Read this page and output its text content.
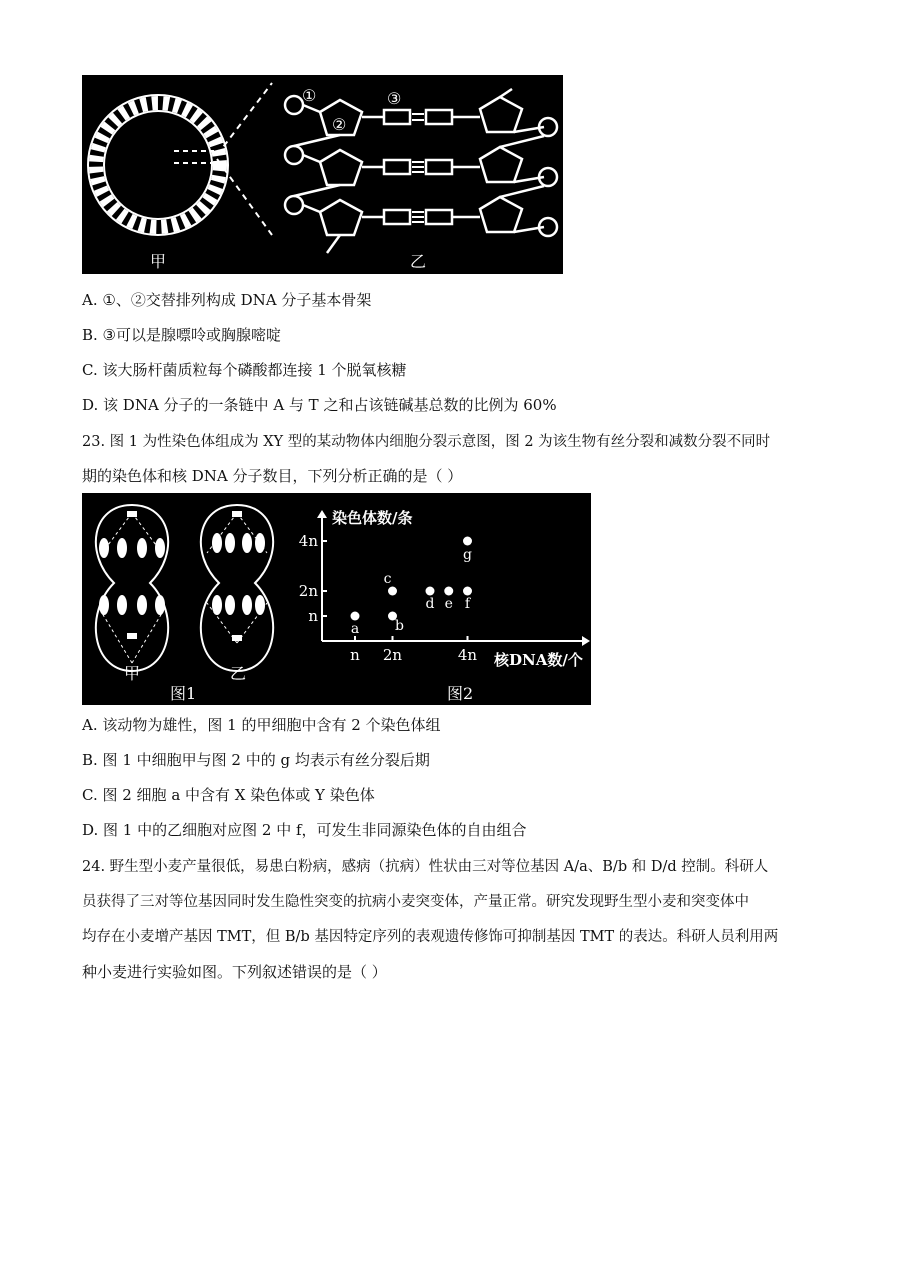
①
②
③
甲	乙
A. ①、②交替排列构成 DNA 分子基本骨架
B. ③可以是腺嘌呤或胸腺嘧啶
C. 该大肠杆菌质粒每个磷酸都连接 1 个脱氧核糖
D. 该 DNA 分子的一条链中 A 与 T 之和占该链碱基总数的比例为 60%
23. 图 1 为性染色体组成为 XY 型的某动物体内细胞分裂示意图，图 2 为该生物有丝分裂和减数分裂不同时
期的染色体和核 DNA 分子数目，下列分析正确的是（ ）
甲	乙
图1	图2
染色体数/条
核DNA数/个
n 2n	4n
n
2n
4n
a	b
c
d e f
g
A. 该动物为雄性，图 1 的甲细胞中含有 2 个染色体组
B. 图 1 中细胞甲与图 2 中的 g 均表示有丝分裂后期
C. 图 2 细胞 a 中含有 X 染色体或 Y 染色体
D. 图 1 中的乙细胞对应图 2 中 f，可发生非同源染色体的自由组合
24. 野生型小麦产量很低，易患白粉病，感病（抗病）性状由三对等位基因 A/a、B/b 和 D/d 控制。科研人
员获得了三对等位基因同时发生隐性突变的抗病小麦突变体，产量正常。研究发现野生型小麦和突变体中
均存在小麦增产基因 TMT，但 B/b 基因特定序列的表观遗传修饰可抑制基因 TMT 的表达。科研人员利用两
种小麦进行实验如图。下列叙述错误的是（ ）
